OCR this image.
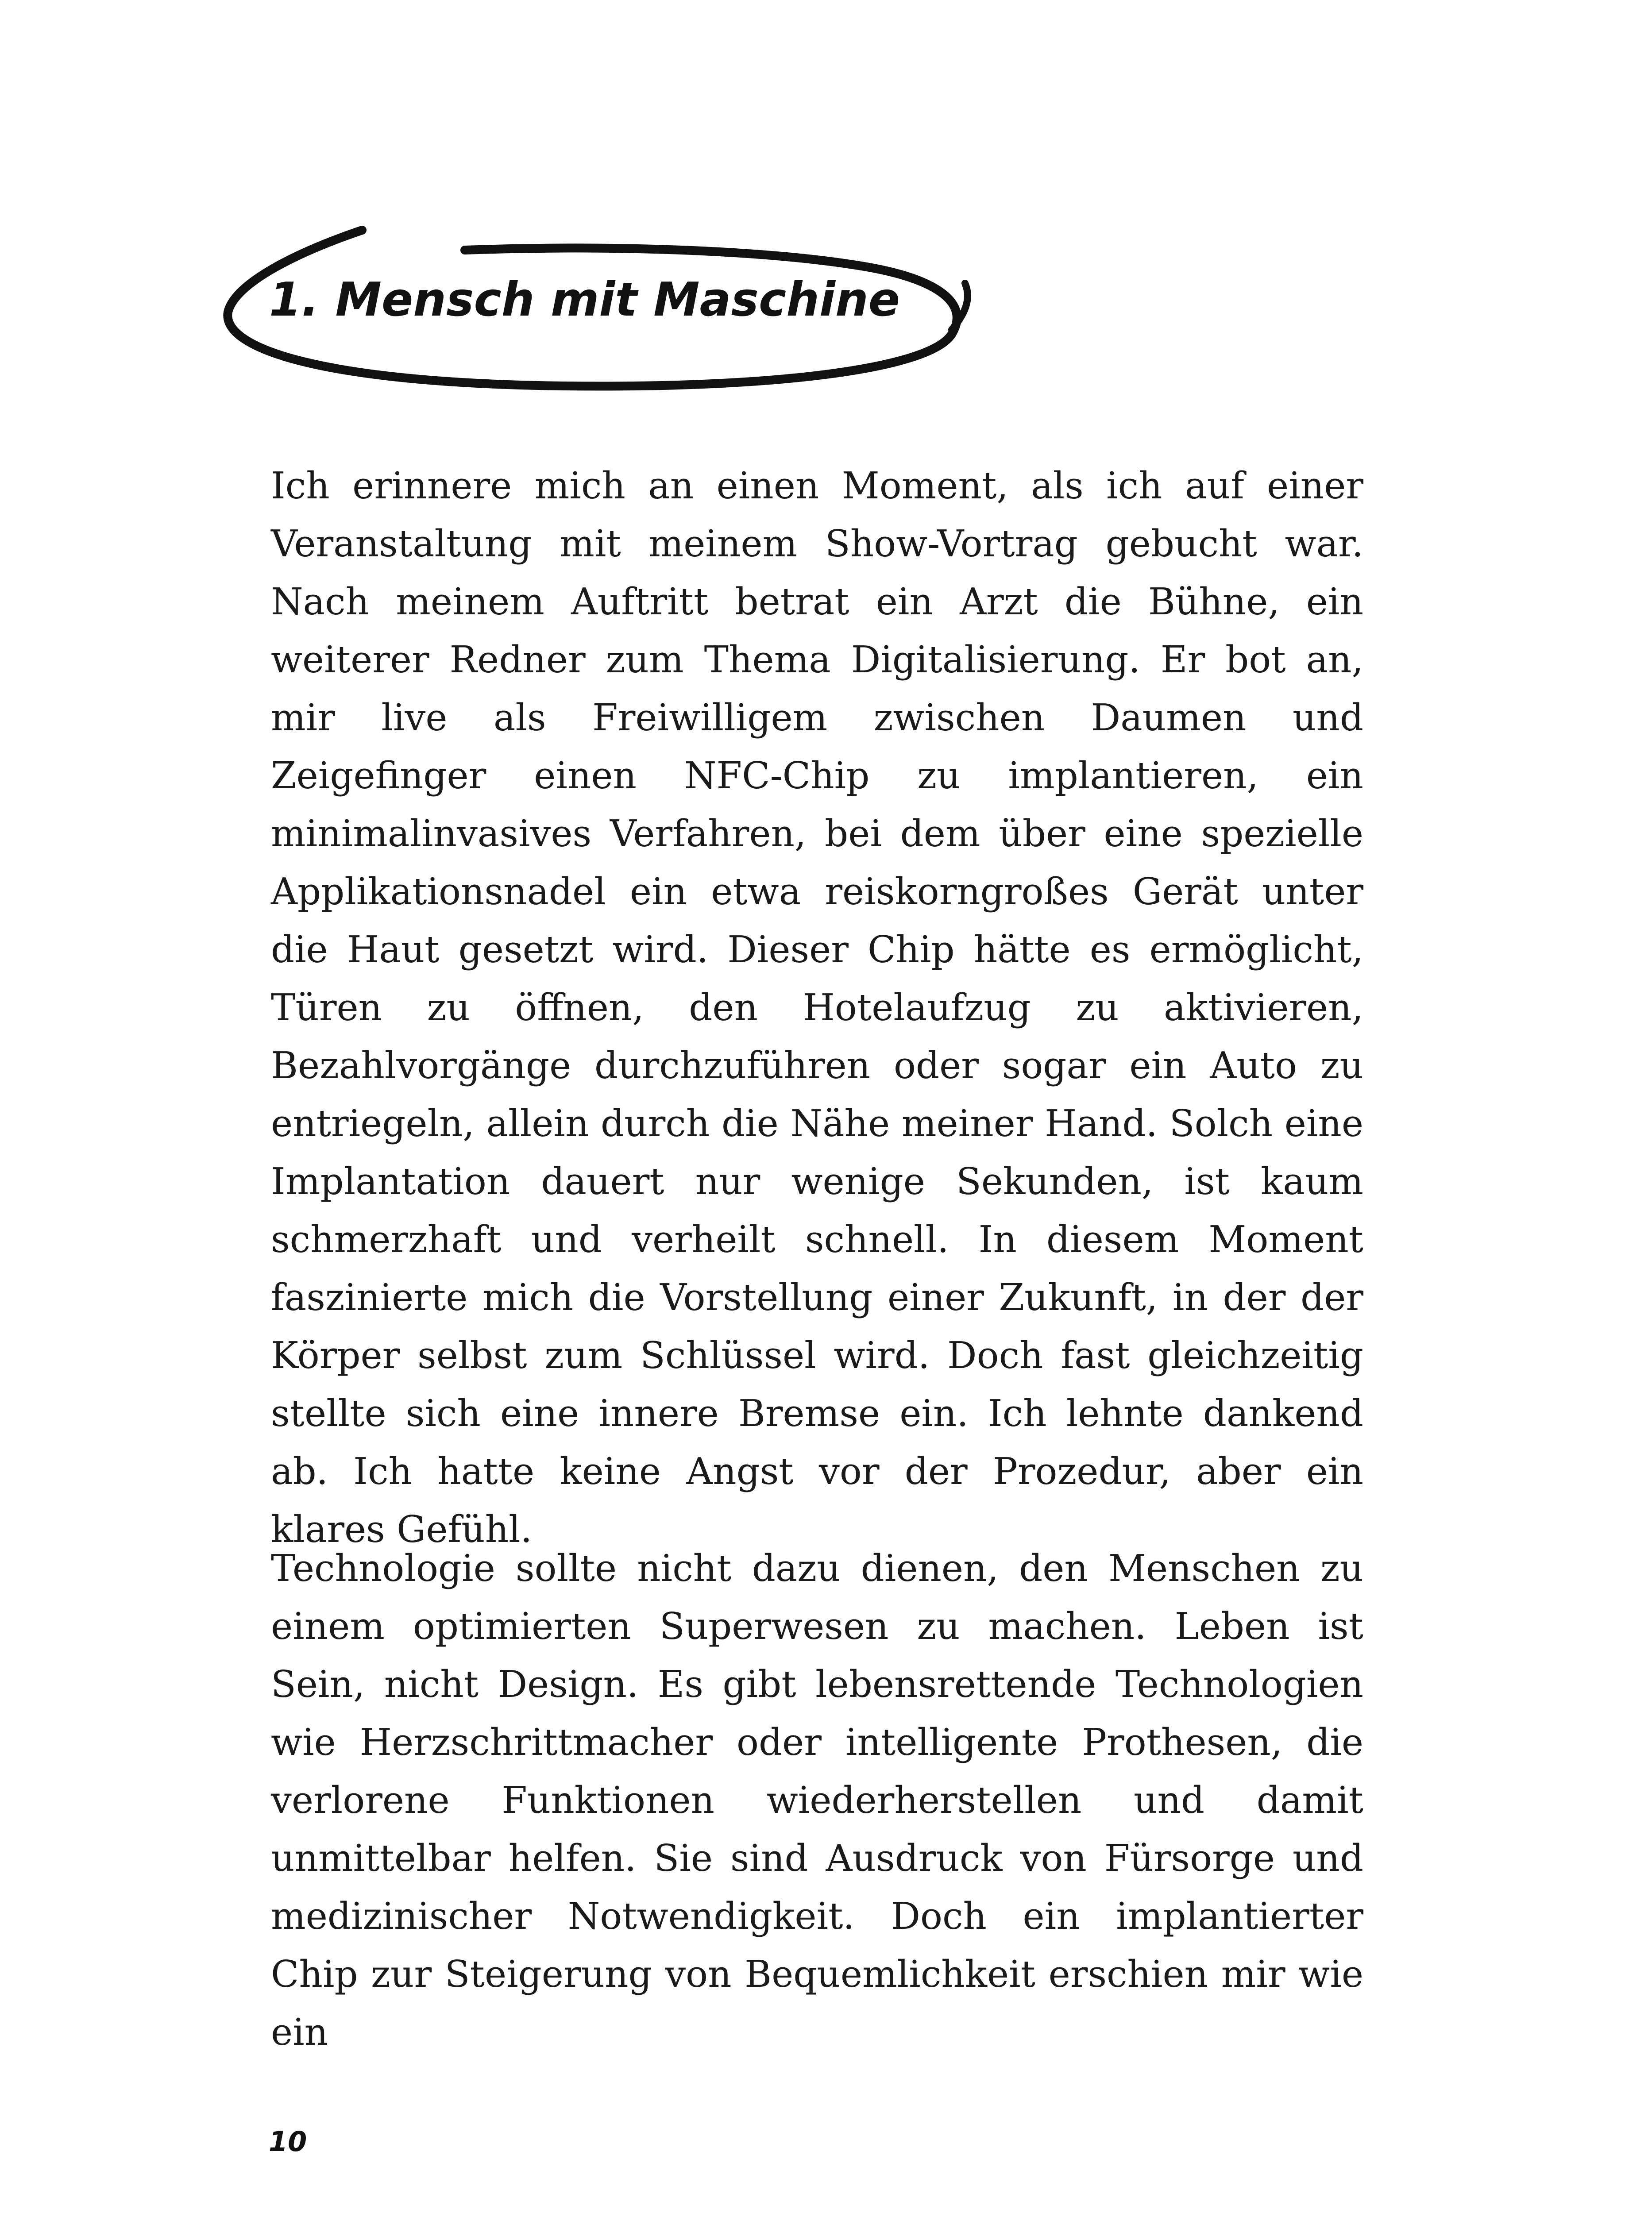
1. Mensch mit Maschine

Ich erinnere mich an einen Moment, als ich auf einer Veranstaltung mit meinem Show-Vortrag gebucht war. Nach meinem Auftritt betrat ein Arzt die Bühne, ein weiterer Redner zum Thema Digitalisierung. Er bot an, mir live als Freiwilligem zwischen Daumen und Zeigefinger einen NFC-Chip zu implantieren, ein minimalinvasives Verfahren, bei dem über eine spezielle Applikationsnadel ein etwa reiskorngroßes Gerät unter die Haut gesetzt wird. Dieser Chip hätte es ermöglicht, Türen zu öffnen, den Hotelaufzug zu aktivieren, Bezahlvorgänge durchzuführen oder sogar ein Auto zu entriegeln, allein durch die Nähe meiner Hand. Solch eine Implantation dauert nur wenige Sekunden, ist kaum schmerzhaft und verheilt schnell. In diesem Moment faszinierte mich die Vorstellung einer Zukunft, in der der Körper selbst zum Schlüssel wird. Doch fast gleichzeitig stellte sich eine innere Bremse ein. Ich lehnte dankend ab. Ich hatte keine Angst vor der Prozedur, aber ein klares Gefühl.

Technologie sollte nicht dazu dienen, den Menschen zu einem optimierten Superwesen zu machen. Leben ist Sein, nicht Design. Es gibt lebensrettende Technologien wie Herzschrittmacher oder intelligente Prothesen, die verlorene Funktionen wiederherstellen und damit unmittelbar helfen. Sie sind Ausdruck von Fürsorge und medizinischer Notwendigkeit. Doch ein implantierter Chip zur Steigerung von Bequemlichkeit erschien mir wie ein

10
